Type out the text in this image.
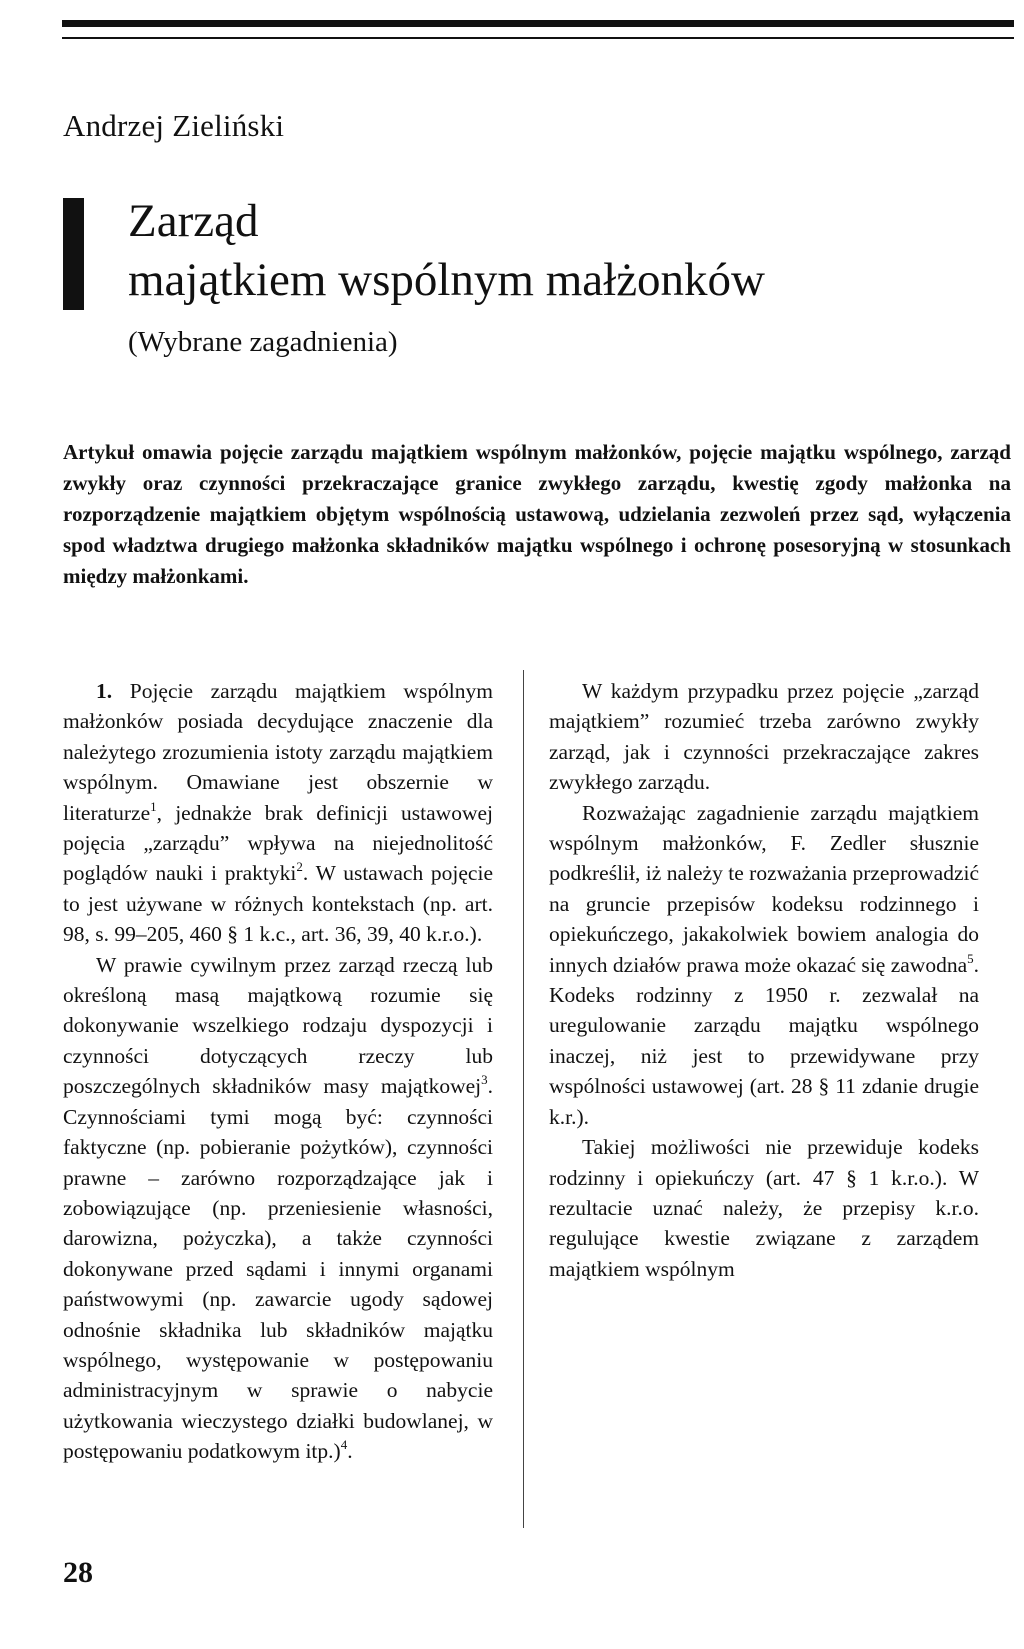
Andrzej Zieliński
Zarząd
majątkiem wspólnym małżonków
(Wybrane zagadnienia)

Artykuł omawia pojęcie zarządu majątkiem wspólnym małżonków, pojęcie majątku wspólnego, zarząd zwykły oraz czynności przekraczające granice zwykłego zarządu, kwestię zgody małżonka na rozporządzenie majątkiem objętym wspólnością ustawową, udzielania zezwoleń przez sąd, wyłączenia spod władztwa drugiego małżonka składników majątku wspólnego i ochronę posesoryjną w stosunkach między małżonkami.

1. Pojęcie zarządu majątkiem wspólnym małżonków posiada decydujące znaczenie dla należytego zrozumienia istoty zarządu majątkiem wspólnym. Omawiane jest obszernie w literaturze$^1$, jednakże brak definicji ustawowej pojęcia „zarządu” wpływa na niejednolitość poglądów nauki i praktyki$^2$. W ustawach pojęcie to jest używane w różnych kontekstach (np. art. 98, s. 99–205, 460 § 1 k.c., art. 36, 39, 40 k.r.o.).

W prawie cywilnym przez zarząd rzeczą lub określoną masą majątkową rozumie się dokonywanie wszelkiego rodzaju dyspozycji i czynności dotyczących rzeczy lub poszczególnych składników masy majątkowej$^3$. Czynnościami tymi mogą być: czynności faktyczne (np. pobieranie pożytków), czynności prawne – zarówno rozporządzające jak i zobowiązujące (np. przeniesienie własności, darowizna, pożyczka), a także czynności dokonywane przed sądami i innymi organami państwowymi (np. zawarcie ugody sądowej odnośnie składnika lub składników majątku wspólnego, występowanie w postępowaniu administracyjnym w sprawie o nabycie użytkowania wieczystego działki budowlanej, w postępowaniu podatkowym itp.)$^4$.

W każdym przypadku przez pojęcie „zarząd majątkiem” rozumieć trzeba zarówno zwykły zarząd, jak i czynności przekraczające zakres zwykłego zarządu.

Rozważając zagadnienie zarządu majątkiem wspólnym małżonków, F. Zedler słusznie podkreślił, iż należy te rozważania przeprowadzić na gruncie przepisów kodeksu rodzinnego i opiekuńczego, jakakolwiek bowiem analogia do innych działów prawa może okazać się zawodna$^5$. Kodeks rodzinny z 1950 r. zezwalał na uregulowanie zarządu majątku wspólnego inaczej, niż jest to przewidywane przy wspólności ustawowej (art. 28 § 11 zdanie drugie k.r.).

Takiej możliwości nie przewiduje kodeks rodzinny i opiekuńczy (art. 47 § 1 k.r.o.). W rezultacie uznać należy, że przepisy k.r.o. regulujące kwestie związane z zarządem majątkiem wspólnym

28
